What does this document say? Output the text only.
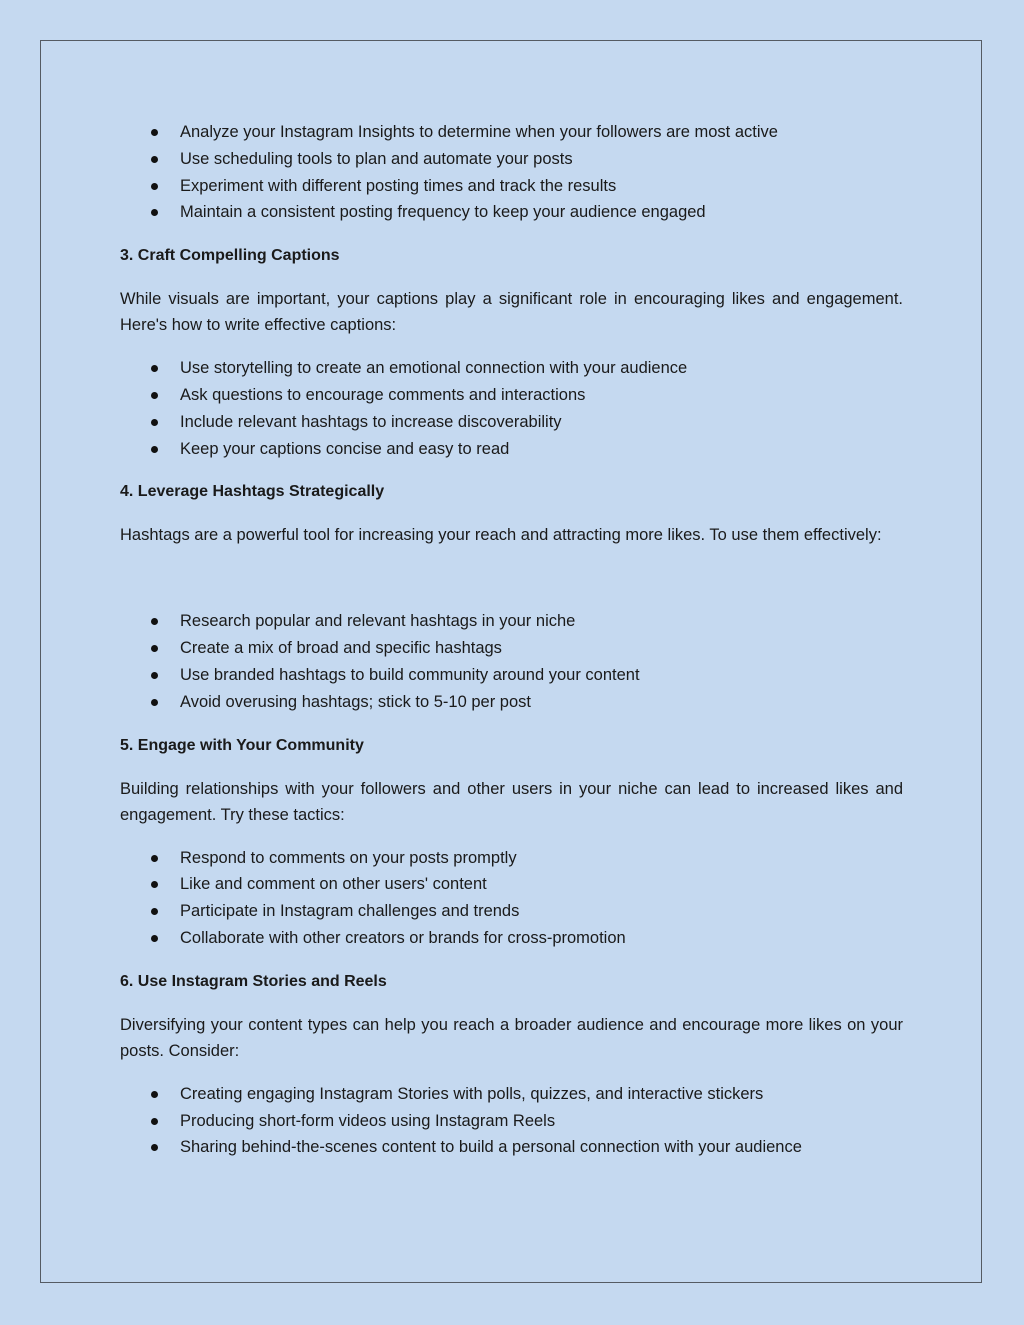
Analyze your Instagram Insights to determine when your followers are most active
Use scheduling tools to plan and automate your posts
Experiment with different posting times and track the results
Maintain a consistent posting frequency to keep your audience engaged
3. Craft Compelling Captions

While visuals are important, your captions play a significant role in encouraging likes and engagement. Here's how to write effective captions:

Use storytelling to create an emotional connection with your audience
Ask questions to encourage comments and interactions
Include relevant hashtags to increase discoverability
Keep your captions concise and easy to read
4. Leverage Hashtags Strategically

Hashtags are a powerful tool for increasing your reach and attracting more likes. To use them effectively:

Research popular and relevant hashtags in your niche
Create a mix of broad and specific hashtags
Use branded hashtags to build community around your content
Avoid overusing hashtags; stick to 5-10 per post
5. Engage with Your Community

Building relationships with your followers and other users in your niche can lead to increased likes and engagement. Try these tactics:

Respond to comments on your posts promptly
Like and comment on other users' content
Participate in Instagram challenges and trends
Collaborate with other creators or brands for cross-promotion
6. Use Instagram Stories and Reels

Diversifying your content types can help you reach a broader audience and encourage more likes on your posts. Consider:

Creating engaging Instagram Stories with polls, quizzes, and interactive stickers
Producing short-form videos using Instagram Reels
Sharing behind-the-scenes content to build a personal connection with your audience
